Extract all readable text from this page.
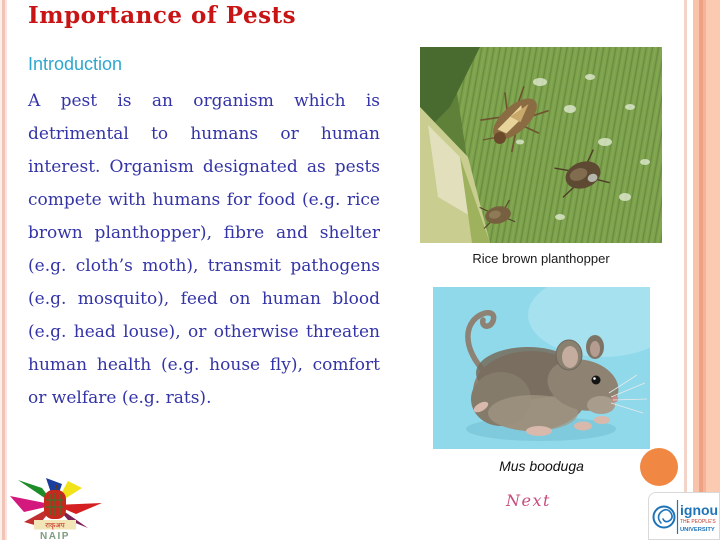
Importance of Pests
Introduction

A pest is an organism which is detrimental to humans or human interest. Organism designated as pests compete with humans for food (e.g. rice brown planthopper), fibre and shelter (e.g. cloth’s moth), transmit pathogens (e.g. mosquito), feed on human blood (e.g. head louse), or otherwise threaten human health (e.g. house fly), comfort or welfare (e.g. rats).

Rice brown planthopper
Mus booduga
Next
राकृअप
NAIP
ignou
THE PEOPLE'S
UNIVERSITY
